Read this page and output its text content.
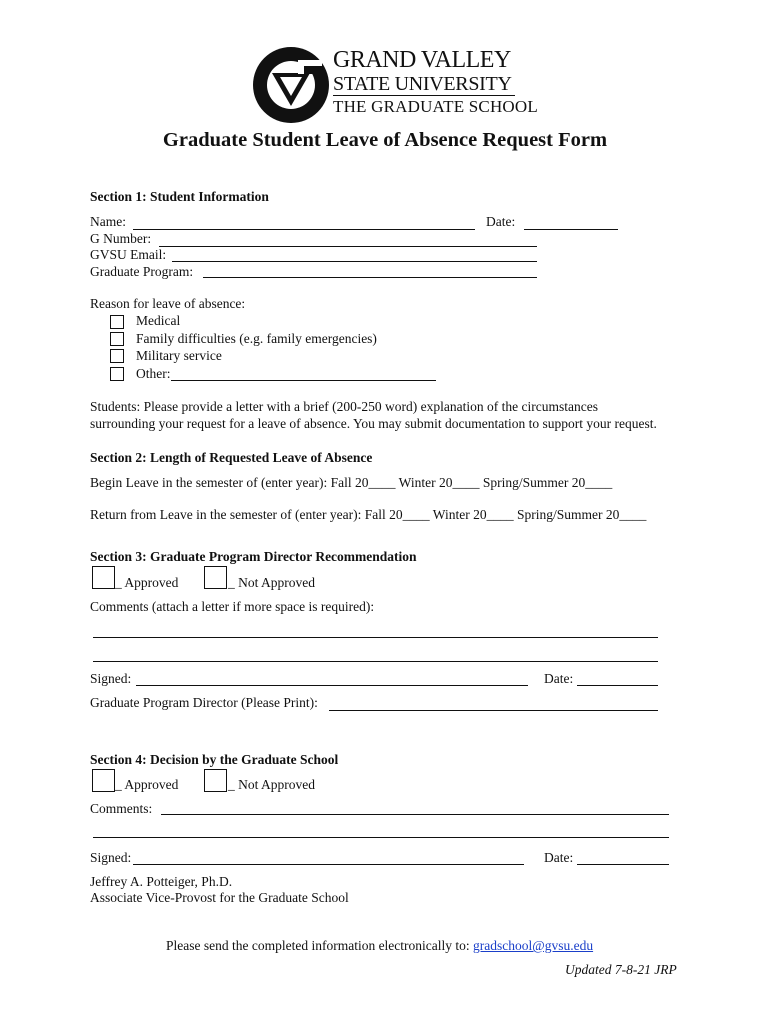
GRAND VALLEY
STATE UNIVERSITY
THE GRADUATE SCHOOL
Graduate Student Leave of Absence Request Form
Section 1: Student Information
Name:	Date:
G Number:
GVSU Email:
Graduate Program:
Reason for leave of absence:
Medical
Family difficulties (e.g. family emergencies)
Military service
Other:
Students: Please provide a letter with a brief (200-250 word) explanation of the circumstances
surrounding your request for a leave of absence. You may submit documentation to support your request.
Section 2: Length of Requested Leave of Absence
Begin Leave in the semester of (enter year): Fall 20____ Winter 20____ Spring/Summer 20____
Return from Leave in the semester of (enter year): Fall 20____ Winter 20____ Spring/Summer 20____
Section 3: Graduate Program Director Recommendation
_ Approved	_ Not Approved
Comments (attach a letter if more space is required):
Signed:	Date:
Graduate Program Director (Please Print):
Section 4: Decision by the Graduate School
_ Approved	_ Not Approved
Comments:
Signed:	Date:
Jeffrey A. Potteiger, Ph.D.
Associate Vice-Provost for the Graduate School
Please send the completed information electronically to: gradschool@gvsu.edu
Updated 7-8-21 JRP
